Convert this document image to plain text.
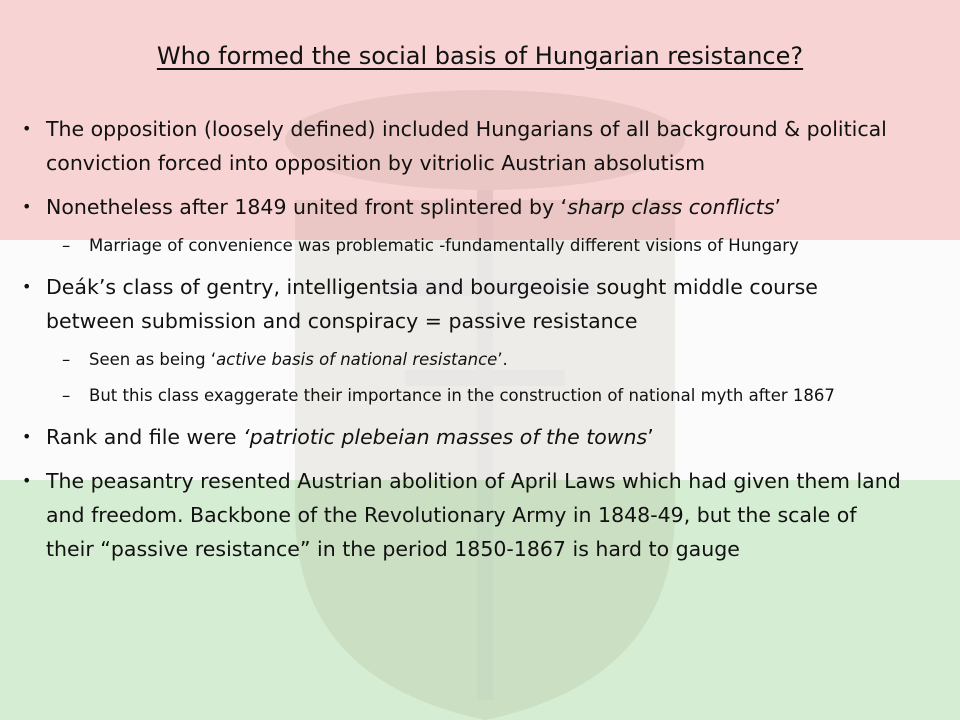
Who formed the social basis of Hungarian resistance?
• The opposition (loosely defined) included Hungarians of all background & political conviction forced into opposition by vitriolic Austrian absolutism
• Nonetheless after 1849 united front splintered by ‘sharp class conflicts’
– Marriage of convenience was problematic -fundamentally different visions of Hungary
• Deák’s class of gentry, intelligentsia and bourgeoisie sought middle course between submission and conspiracy = passive resistance
– Seen as being ‘active basis of national resistance’.
– But this class exaggerate their importance in the construction of national myth after 1867
• Rank and file were ‘patriotic plebeian masses of the towns’
• The peasantry resented Austrian abolition of April Laws which had given them land and freedom. Backbone of the Revolutionary Army in 1848-49, but the scale of their “passive resistance” in the period 1850-1867 is hard to gauge
